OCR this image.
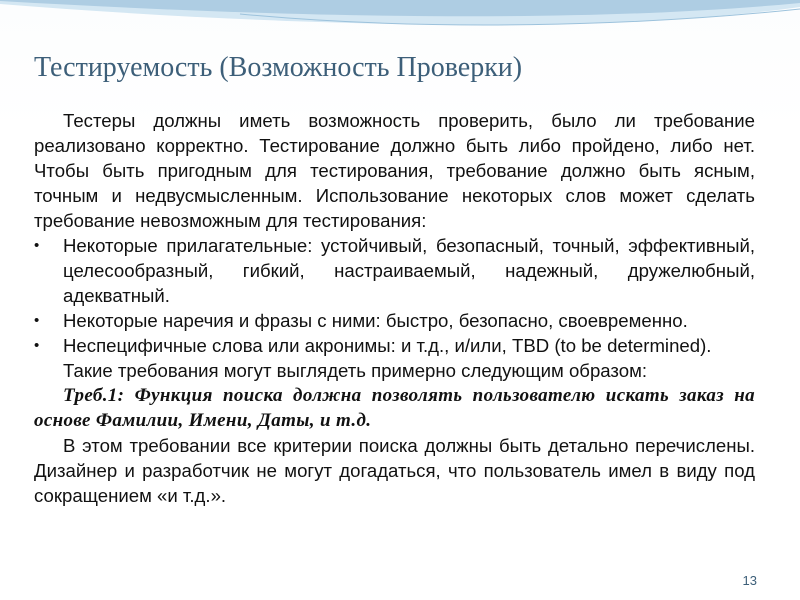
Тестируемость (Возможность Проверки)

Тестеры должны иметь возможность проверить, было ли требование реализовано корректно. Тестирование должно быть либо пройдено, либо нет. Чтобы быть пригодным для тестирования, требование должно быть ясным, точным и недвусмысленным. Использование некоторых слов может сделать требование невозможным для тестирования:

•	Некоторые прилагательные: устойчивый, безопасный, точный, эффективный, целесообразный, гибкий, настраиваемый, надежный, дружелюбный, адекватный.
•	Некоторые наречия и фразы с ними: быстро, безопасно, своевременно.
•	Неспецифичные слова или акронимы: и т.д., и/или, TBD (to be determined).

Такие требования могут выглядеть примерно следующим образом:

Треб.1: Функция поиска должна позволять пользователю искать заказ на основе Фамилии, Имени, Даты, и т.д.

В этом требовании все критерии поиска должны быть детально перечислены. Дизайнер и разработчик не могут догадаться, что пользователь имел в виду под сокращением «и т.д.».

13
